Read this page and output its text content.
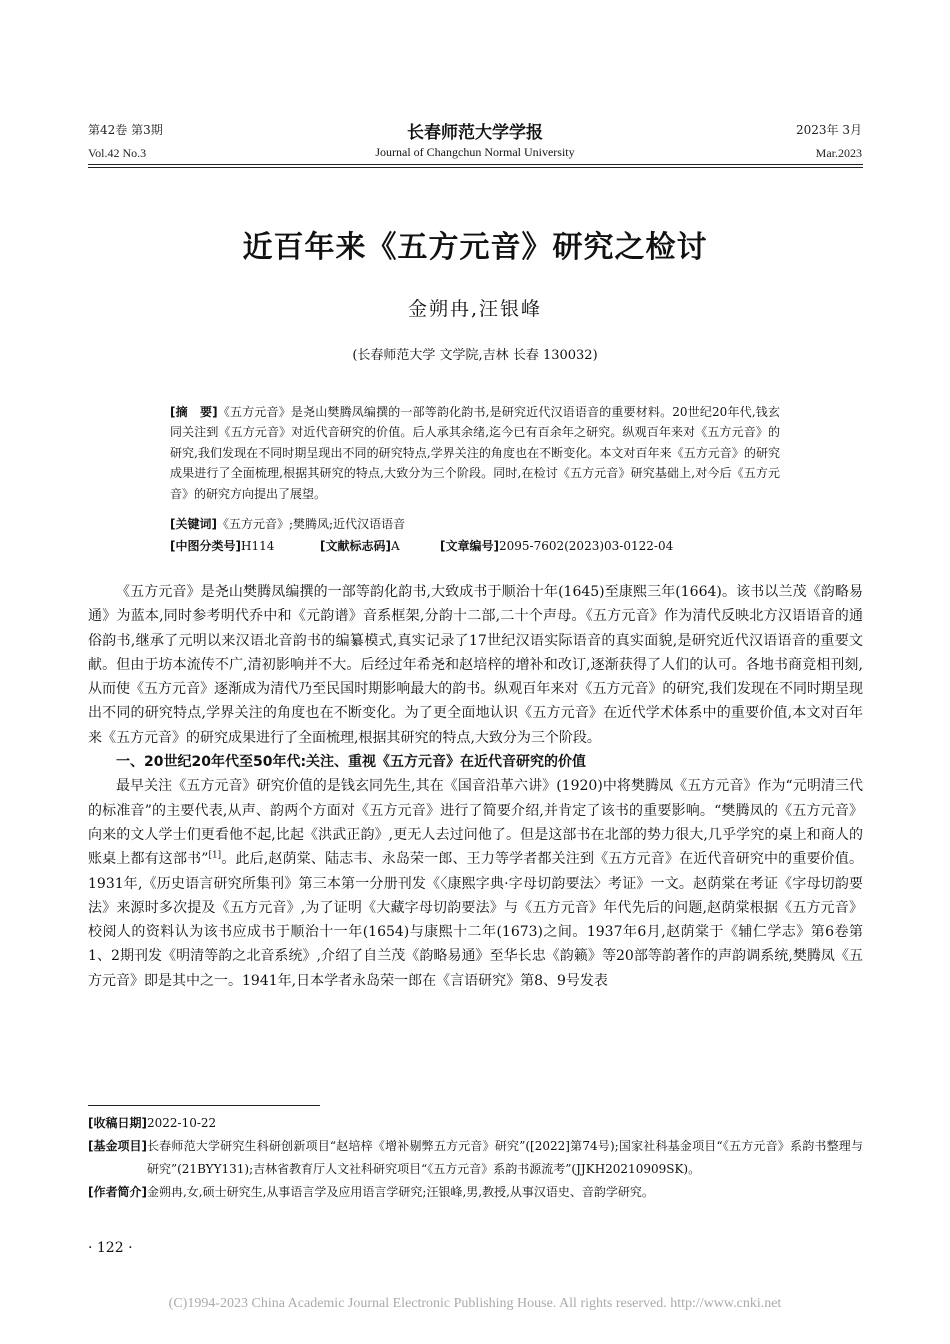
第42卷 第3期
Vol.42 No.3
长春师范大学学报
Journal of Changchun Normal University
2023年 3月
Mar.2023
近百年来《五方元音》研究之检讨
金朔冉,汪银峰
(长春师范大学 文学院,吉林 长春 130032)
[摘　要]《五方元音》是尧山樊腾凤编撰的一部等韵化韵书,是研究近代汉语语音的重要材料。20世纪20年代,钱玄同关注到《五方元音》对近代音研究的价值。后人承其余绪,迄今已有百余年之研究。纵观百年来对《五方元音》的研究,我们发现在不同时期呈现出不同的研究特点,学界关注的角度也在不断变化。本文对百年来《五方元音》的研究成果进行了全面梳理,根据其研究的特点,大致分为三个阶段。同时,在检讨《五方元音》研究基础上,对今后《五方元音》的研究方向提出了展望。
[关键词]《五方元音》;樊腾凤;近代汉语语音
[中图分类号]H114	[文献标志码]A	[文章编号]2095-7602(2023)03-0122-04

《五方元音》是尧山樊腾凤编撰的一部等韵化韵书,大致成书于顺治十年(1645)至康熙三年(1664)。该书以兰茂《韵略易通》为蓝本,同时参考明代乔中和《元韵谱》音系框架,分韵十二部,二十个声母。《五方元音》作为清代反映北方汉语语音的通俗韵书,继承了元明以来汉语北音韵书的编纂模式,真实记录了17世纪汉语实际语音的真实面貌,是研究近代汉语语音的重要文献。但由于坊本流传不广,清初影响并不大。后经过年希尧和赵培梓的增补和改订,逐渐获得了人们的认可。各地书商竞相刊刻,从而使《五方元音》逐渐成为清代乃至民国时期影响最大的韵书。纵观百年来对《五方元音》的研究,我们发现在不同时期呈现出不同的研究特点,学界关注的角度也在不断变化。为了更全面地认识《五方元音》在近代学术体系中的重要价值,本文对百年来《五方元音》的研究成果进行了全面梳理,根据其研究的特点,大致分为三个阶段。

一、20世纪20年代至50年代:关注、重视《五方元音》在近代音研究的价值

最早关注《五方元音》研究价值的是钱玄同先生,其在《国音沿革六讲》(1920)中将樊腾凤《五方元音》作为“元明清三代的标准音”的主要代表,从声、韵两个方面对《五方元音》进行了简要介绍,并肯定了该书的重要影响。“樊腾凤的《五方元音》向来的文人学士们更看他不起,比起《洪武正韵》,更无人去过问他了。但是这部书在北部的势力很大,几乎学究的桌上和商人的账桌上都有这部书”[1]。此后,赵荫棠、陆志韦、永岛荣一郎、王力等学者都关注到《五方元音》在近代音研究中的重要价值。1931年,《历史语言研究所集刊》第三本第一分册刊发《〈康熙字典·字母切韵要法〉考证》一文。赵荫棠在考证《字母切韵要法》来源时多次提及《五方元音》,为了证明《大藏字母切韵要法》与《五方元音》年代先后的问题,赵荫棠根据《五方元音》校阅人的资料认为该书应成书于顺治十一年(1654)与康熙十二年(1673)之间。1937年6月,赵荫棠于《辅仁学志》第6卷第1、2期刊发《明清等韵之北音系统》,介绍了自兰茂《韵略易通》至华长忠《韵籁》等20部等韵著作的声韵调系统,樊腾凤《五方元音》即是其中之一。1941年,日本学者永岛荣一郎在《言语研究》第8、9号发表

[收稿日期] 2022-10-22
[基金项目] 长春师范大学研究生科研创新项目“赵培梓《增补剔弊五方元音》研究”([2022]第74号);国家社科基金项目“《五方元音》系韵书整理与研究”(21BYY131);吉林省教育厅人文社科研究项目“《五方元音》系韵书源流考”(JJKH20210909SK)。
[作者简介] 金朔冉,女,硕士研究生,从事语言学及应用语言学研究;汪银峰,男,教授,从事汉语史、音韵学研究。
· 122 ·
(C)1994-2023 China Academic Journal Electronic Publishing House. All rights reserved. http://www.cnki.net
